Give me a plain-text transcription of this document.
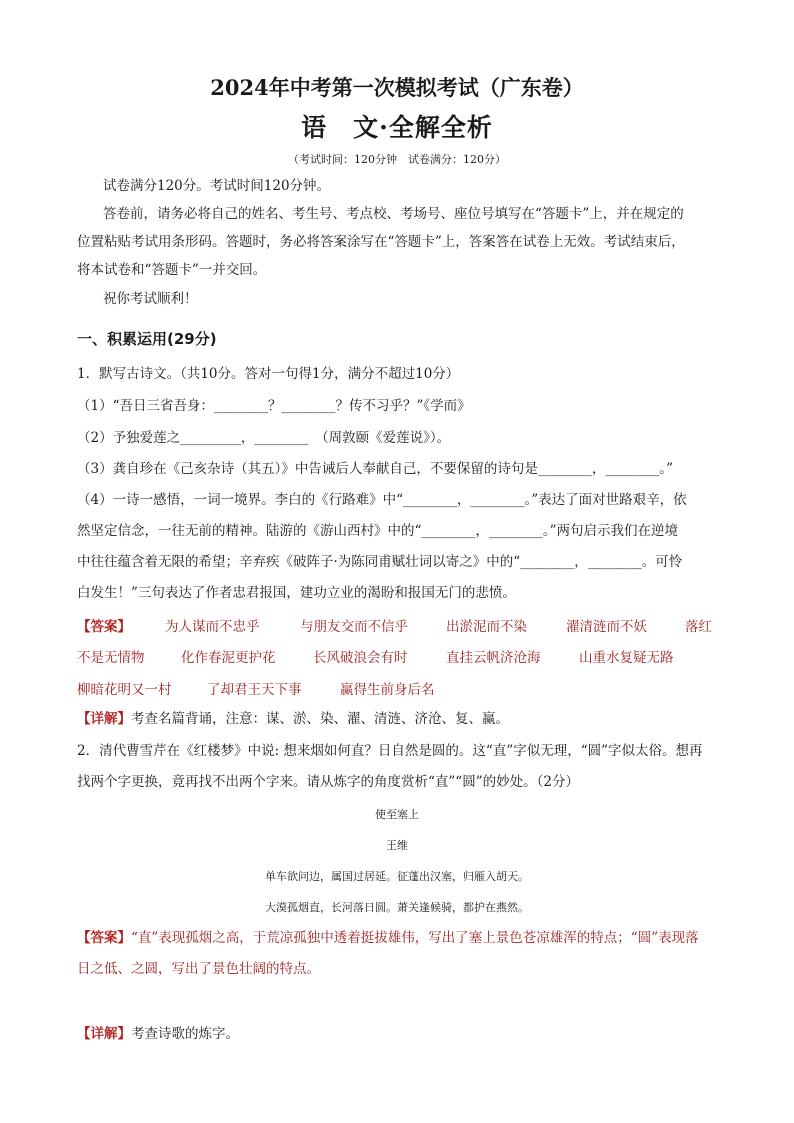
2024年中考第一次模拟考试（广东卷）
语　文·全解全析
（考试时间：120分钟　试卷满分：120分）
试卷满分120分。考试时间120分钟。
答卷前，请务必将自己的姓名、考生号、考点校、考场号、座位号填写在“答题卡”上，并在规定的
位置粘贴考试用条形码。答题时，务必将答案涂写在“答题卡”上，答案答在试卷上无效。考试结束后，
将本试卷和“答题卡”一并交回。
祝你考试顺利！
一、积累运用(29分)
1．默写古诗文。（共10分。答对一句得1分，满分不超过10分）
（1）“吾日三省吾身：________？________？传不习乎？”《学而》
（2）予独爱莲之_________，________　（周敦颐《爱莲说》）。
（3）龚自珍在《己亥杂诗（其五）》中告诫后人奉献自己，不要保留的诗句是________，________。”
（4）一诗一感悟，一词一境界。李白的《行路难》中“________，________。”表达了面对世路艰辛，依
然坚定信念，一往无前的精神。陆游的《游山西村》中的“________，________。”两句启示我们在逆境
中往往蕴含着无限的希望；辛弃疾《破阵子·为陈同甫赋壮词以寄之》中的“________，________。可怜
白发生！”三句表达了作者忠君报国，建功立业的渴盼和报国无门的悲愤。
【答案】	为人谋而不忠乎	与朋友交而不信乎	出淤泥而不染	濯清涟而不妖	落红
不是无情物	化作春泥更护花	长风破浪会有时	直挂云帆济沧海	山重水复疑无路
柳暗花明又一村	了却君王天下事	赢得生前身后名
【详解】考查名篇背诵，注意：谋、淤、染、濯、清涟、济沧、复、赢。
2．清代曹雪芹在《红楼梦》中说: 想来烟如何直？日自然是圆的。这“直”字似无理，“圆”字似太俗。想再
找两个字更换，竟再找不出两个字来。请从炼字的角度赏析“直”“圆”的妙处。（2分）
使至塞上
王维
单车欲问边，属国过居延。征蓬出汉塞，归雁入胡天。
大漠孤烟直，长河落日圆。萧关逢候骑，都护在燕然。
【答案】“直”表现孤烟之高，于荒凉孤独中透着挺拔雄伟，写出了塞上景色苍凉雄浑的特点；“圆”表现落
日之低、之圆，写出了景色壮阔的特点。
【详解】考查诗歌的炼字。
